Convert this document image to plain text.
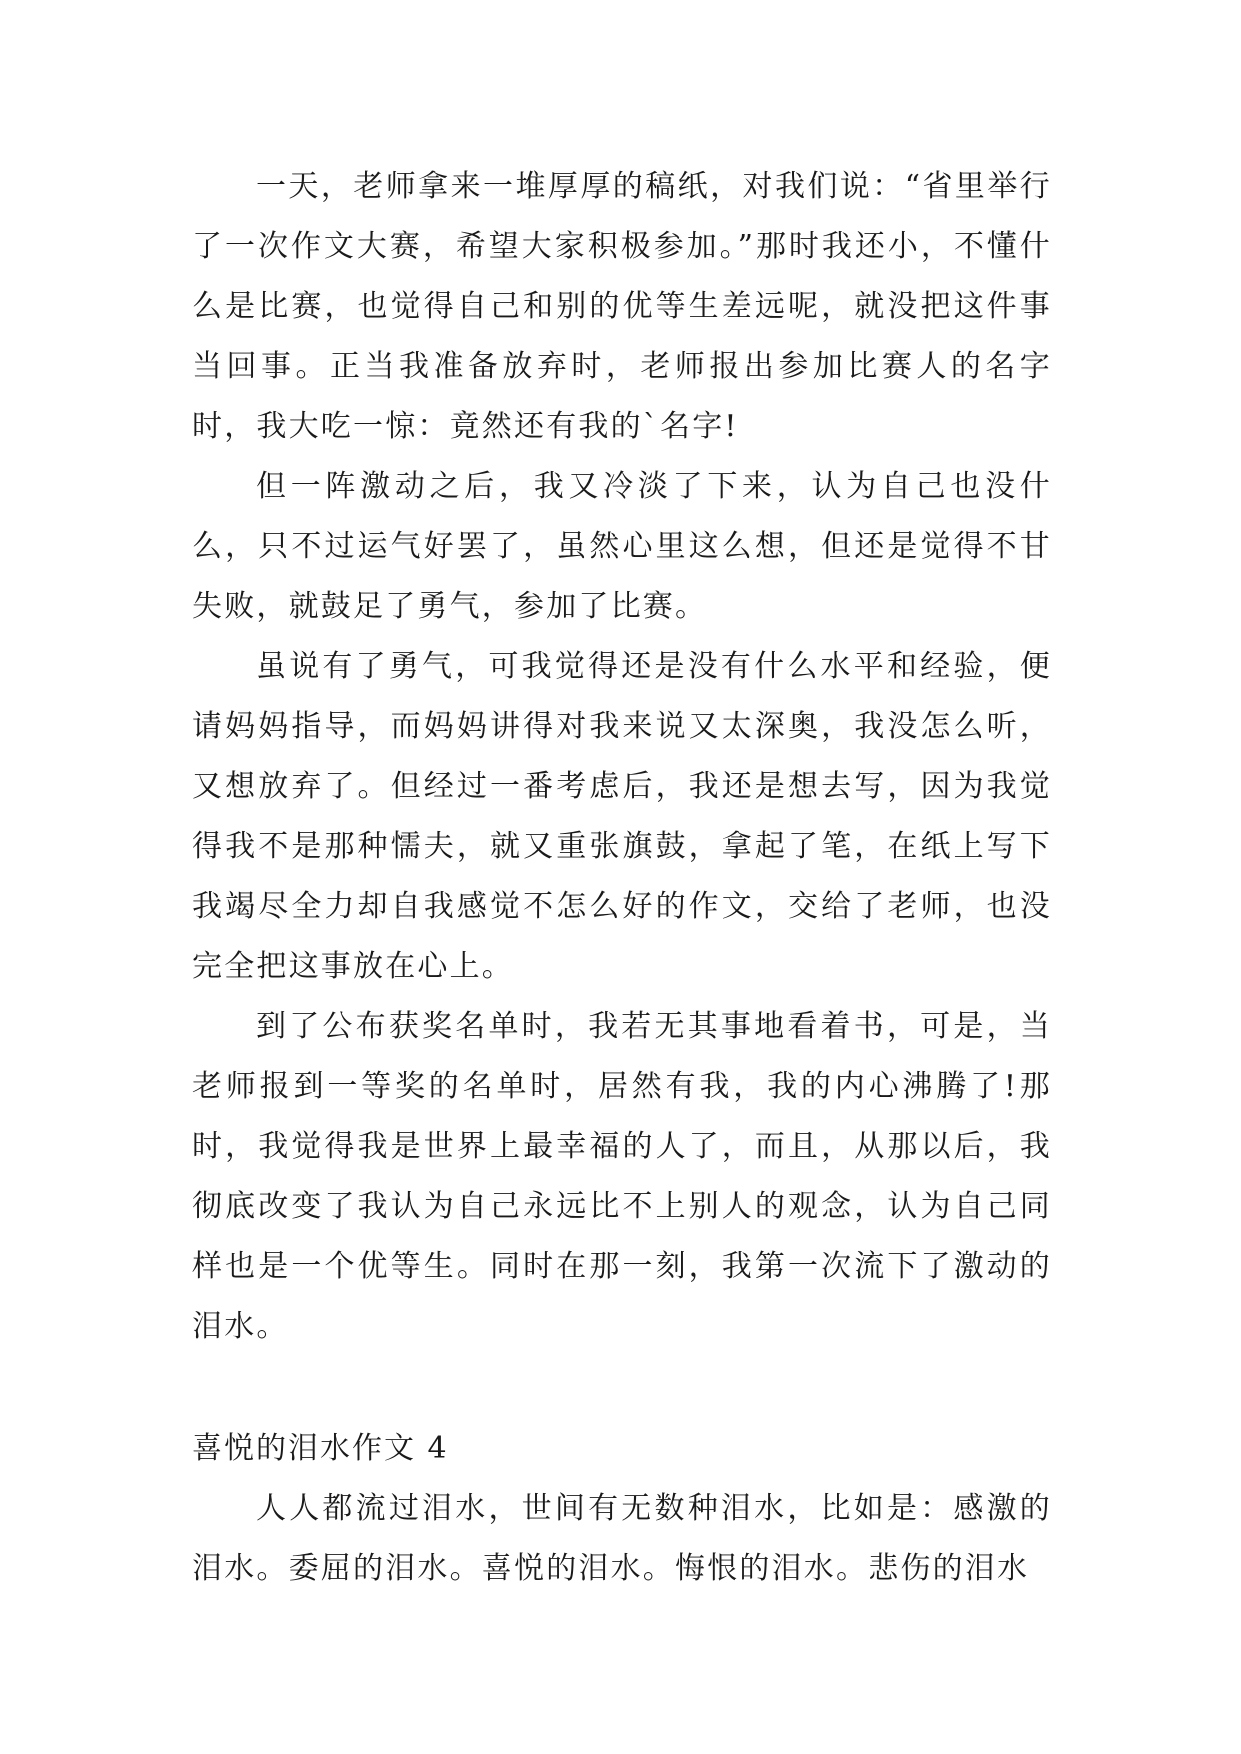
一天，老师拿来一堆厚厚的稿纸，对我们说：“省里举行了一次作文大赛，希望大家积极参加。”那时我还小，不懂什么是比赛，也觉得自己和别的优等生差远呢，就没把这件事当回事。正当我准备放弃时，老师报出参加比赛人的名字时，我大吃一惊：竟然还有我的`名字!

但一阵激动之后，我又冷淡了下来，认为自己也没什么，只不过运气好罢了，虽然心里这么想，但还是觉得不甘失败，就鼓足了勇气，参加了比赛。

虽说有了勇气，可我觉得还是没有什么水平和经验，便请妈妈指导，而妈妈讲得对我来说又太深奥，我没怎么听，又想放弃了。但经过一番考虑后，我还是想去写，因为我觉得我不是那种懦夫，就又重张旗鼓，拿起了笔，在纸上写下我竭尽全力却自我感觉不怎么好的作文，交给了老师，也没完全把这事放在心上。

到了公布获奖名单时，我若无其事地看着书，可是，当老师报到一等奖的名单时，居然有我，我的内心沸腾了!那时，我觉得我是世界上最幸福的人了，而且，从那以后，我彻底改变了我认为自己永远比不上别人的观念，认为自己同样也是一个优等生。同时在那一刻，我第一次流下了激动的泪水。

喜悦的泪水作文 4

人人都流过泪水，世间有无数种泪水，比如是：感激的泪水。委屈的泪水。喜悦的泪水。悔恨的泪水。悲伤的泪水
